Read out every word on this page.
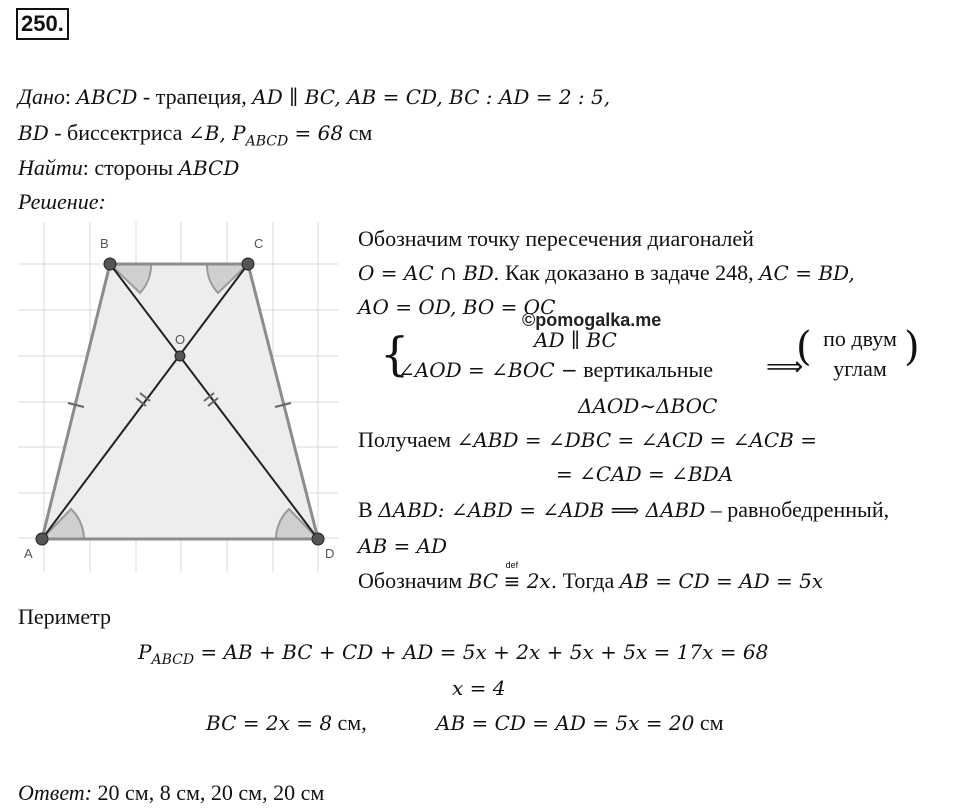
250.
Дано: ABCD - трапеция, AD ∥ BC, AB = CD, BC : AD = 2 : 5,
BD - биссектриса ∠B, $P_{ABCD} = 68$ см
Найти: стороны ABCD
Решение:
A
B	C
D
O
Обозначим точку пересечения диагоналей
O = AC ∩ BD. Как доказано в задаче 248, AC = BD,
AO = OD, BO = OC
©pomogalka.me
{	AD ∥ BC
∠AOD = ∠BOC − вертикальные ⟹
( по двум
углам )
ΔAOD∼ΔBOC
Получаем ∠ABD = ∠DBC = ∠ACD = ∠ACB =
= ∠CAD = ∠BDA
В ΔABD: ∠ABD = ∠ADB ⟹ ΔABD – равнобедренный,
AB = AD
Обозначим BC
def
≡ 2x. Тогда AB = CD = AD = 5x
Периметр
$P_{ABCD}$ = AB + BC + CD + AD = 5x + 2x + 5x + 5x = 17x = 68
x = 4
BC = 2x = 8 см,	AB = CD = AD = 5x = 20 см
Ответ: 20 см, 8 см, 20 см, 20 см
